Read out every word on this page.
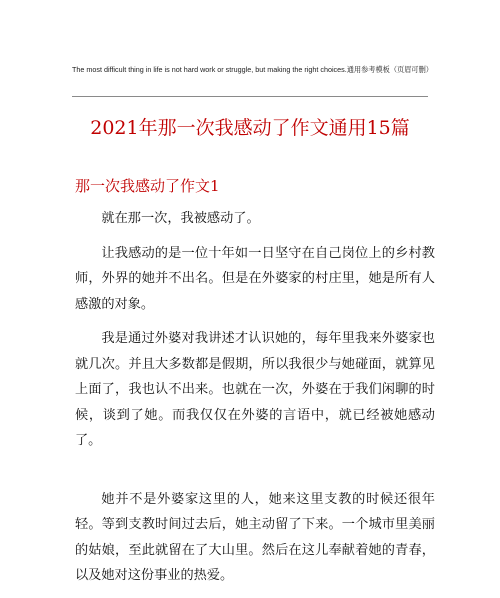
The most difficult thing in life is not hard work or struggle, but making the right choices.通用参考模板（页眉可删）
2021年那一次我感动了作文通用15篇
那一次我感动了作文1

就在那一次，我被感动了。

让我感动的是一位十年如一日坚守在自己岗位上的乡村教师，外界的她并不出名。但是在外婆家的村庄里，她是所有人感激的对象。

我是通过外婆对我讲述才认识她的，每年里我来外婆家也就几次。并且大多数都是假期，所以我很少与她碰面，就算见上面了，我也认不出来。也就在一次，外婆在于我们闲聊的时候，谈到了她。而我仅仅在外婆的言语中，就已经被她感动了。

她并不是外婆家这里的人，她来这里支教的时候还很年轻。等到支教时间过去后，她主动留了下来。一个城市里美丽的姑娘，至此就留在了大山里。然后在这儿奉献着她的青春，以及她对这份事业的热爱。
